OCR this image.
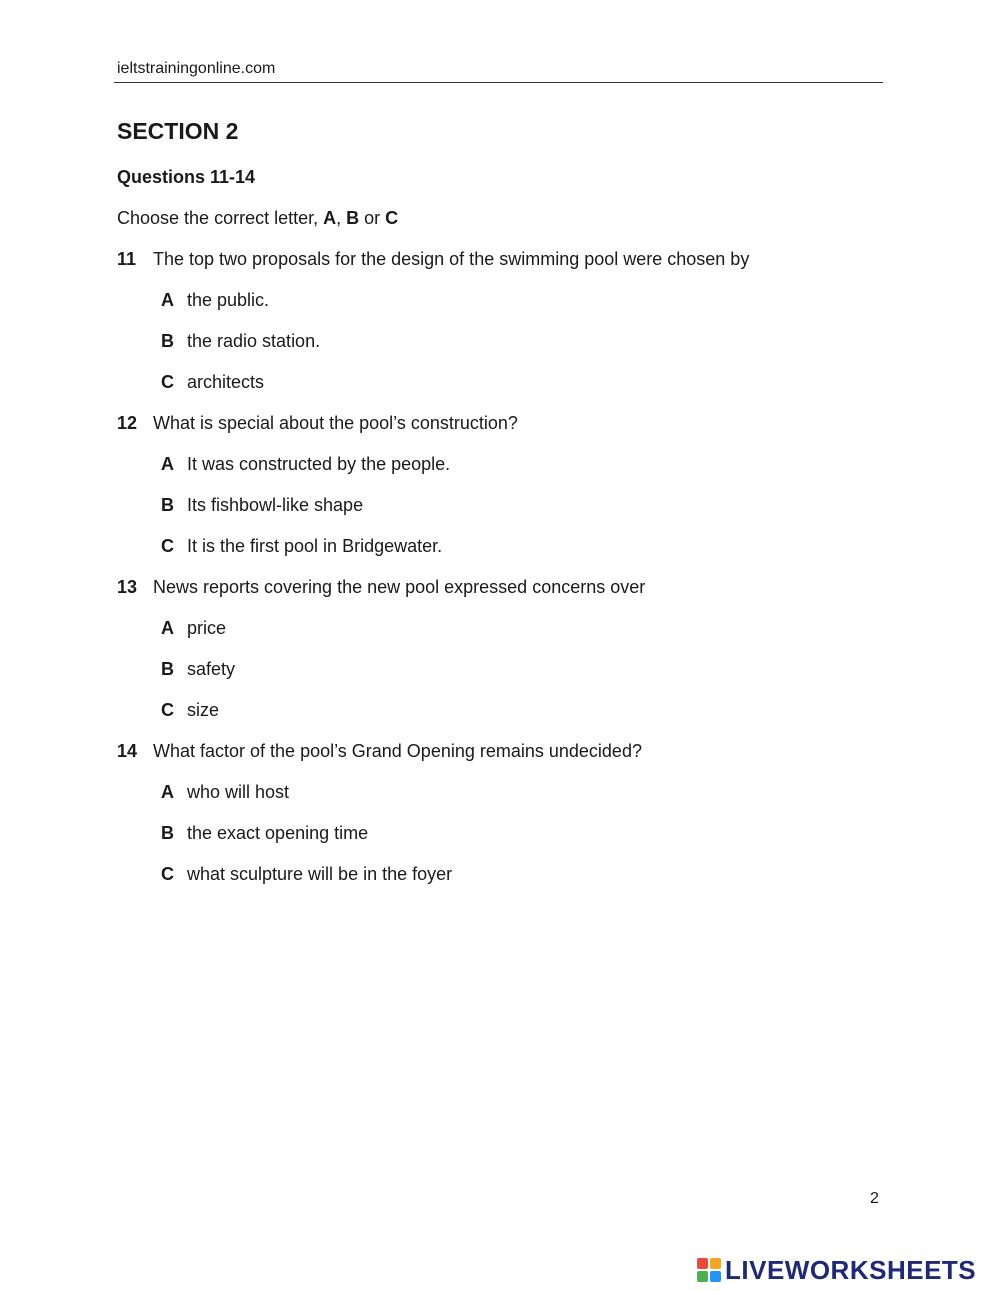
ieltstrainingonline.com
SECTION 2
Questions 11-14
Choose the correct letter, A, B or C
11 The top two proposals for the design of the swimming pool were chosen by
A the public.
B the radio station.
C architects
12 What is special about the pool’s construction?
A It was constructed by the people.
B Its fishbowl-like shape
C It is the first pool in Bridgewater.
13 News reports covering the new pool expressed concerns over
A price
B safety
C size
14 What factor of the pool’s Grand Opening remains undecided?
A who will host
B the exact opening time
C what sculpture will be in the foyer
2
LIVEWORKSHEETS
